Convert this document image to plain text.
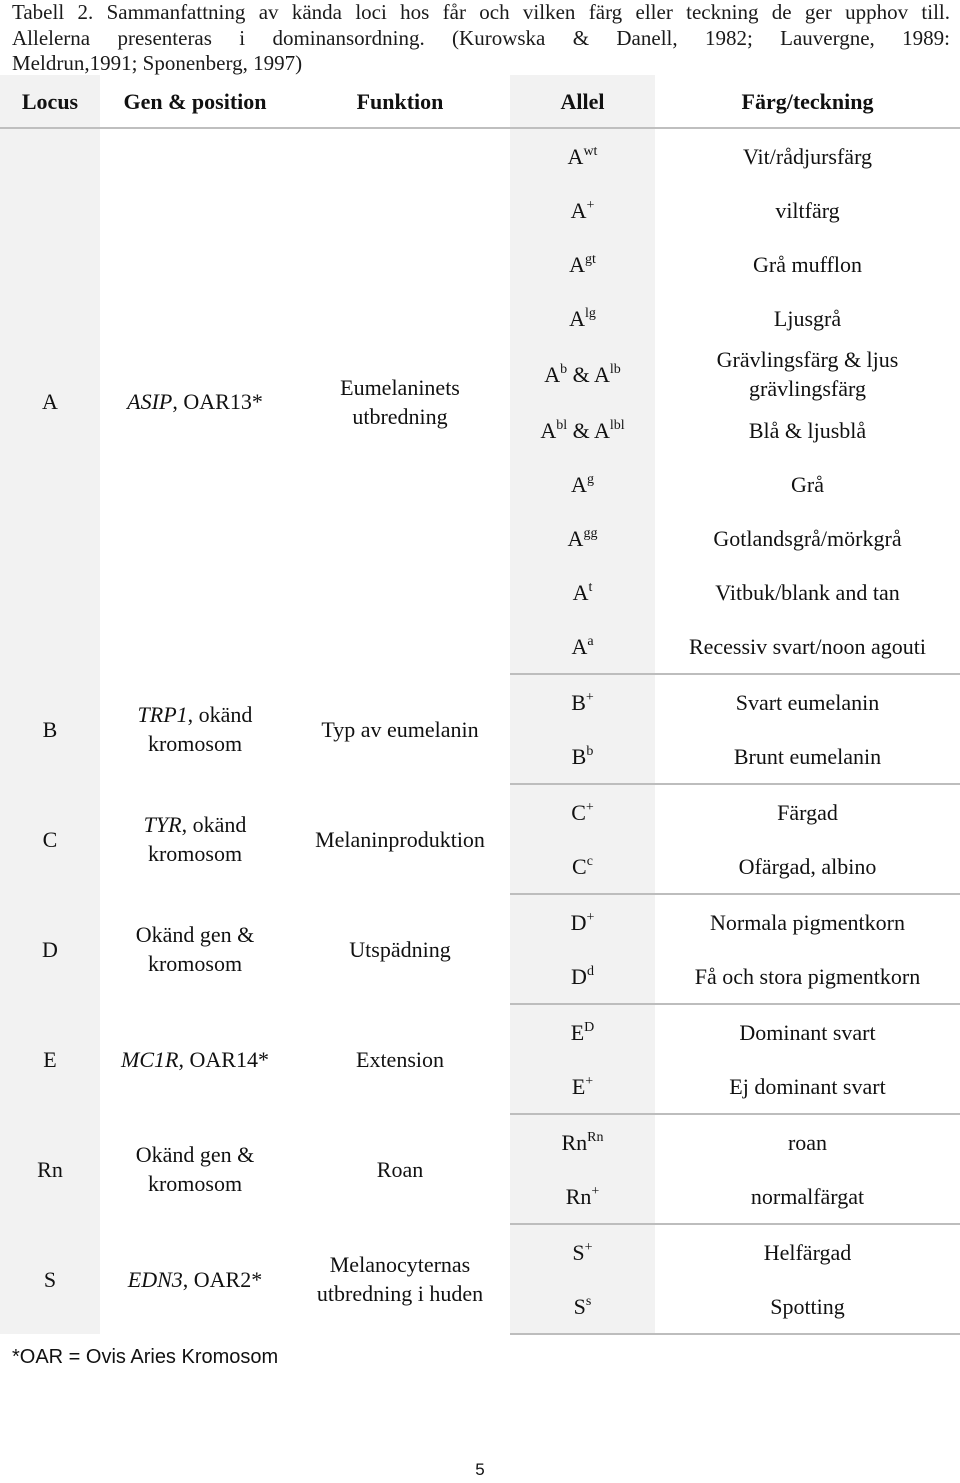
Tabell 2. Sammanfattning av kända loci hos får och vilken färg eller teckning de ger upphov till.
Allelerna presenteras i dominansordning. (Kurowska & Danell, 1982; Lauvergne, 1989:
Meldrun,1991; Sponenberg, 1997)
Locus	Gen & position	Funktion	Allel	Färg/teckning
A	ASIP, OAR13*	Eumelaninets utbredning	$A^{wt}$	Vit/rådjursfärg
			A+	viltfärg
			$A^{gt}$	Grå mufflon
			$A^{lg}$	Ljusgrå
			$A^b$ & $A^{lb}$	Grävlingsfärg & ljus grävlingsfärg
			$A^{bl}$ & $A^{lbl}$	Blå & ljusblå
			$A^g$	Grå
			$A^{gg}$	Gotlandsgrå/mörkgrå
			$A^t$	Vitbuk/blank and tan
			$A^a$	Recessiv svart/noon agouti
B	TRP1, okänd kromosom	Typ av eumelanin	B+	Svart eumelanin
			$B^b$	Brunt eumelanin
C	TYR, okänd kromosom	Melaninproduktion	C+	Färgad
			$C^c$	Ofärgad, albino
D	Okänd gen & kromosom	Utspädning	D+	Normala pigmentkorn
			$D^d$	Få och stora pigmentkorn
E	MC1R, OAR14*	Extension	$E^D$	Dominant svart
			E+	Ej dominant svart
Rn	Okänd gen & kromosom	Roan	$Rn^{Rn}$	roan
			Rn+	normalfärgat
S	EDN3, OAR2*	Melanocyternas utbredning i huden	S+	Helfärgad
			$S^s$	Spotting
*OAR = Ovis Aries Kromosom
5
